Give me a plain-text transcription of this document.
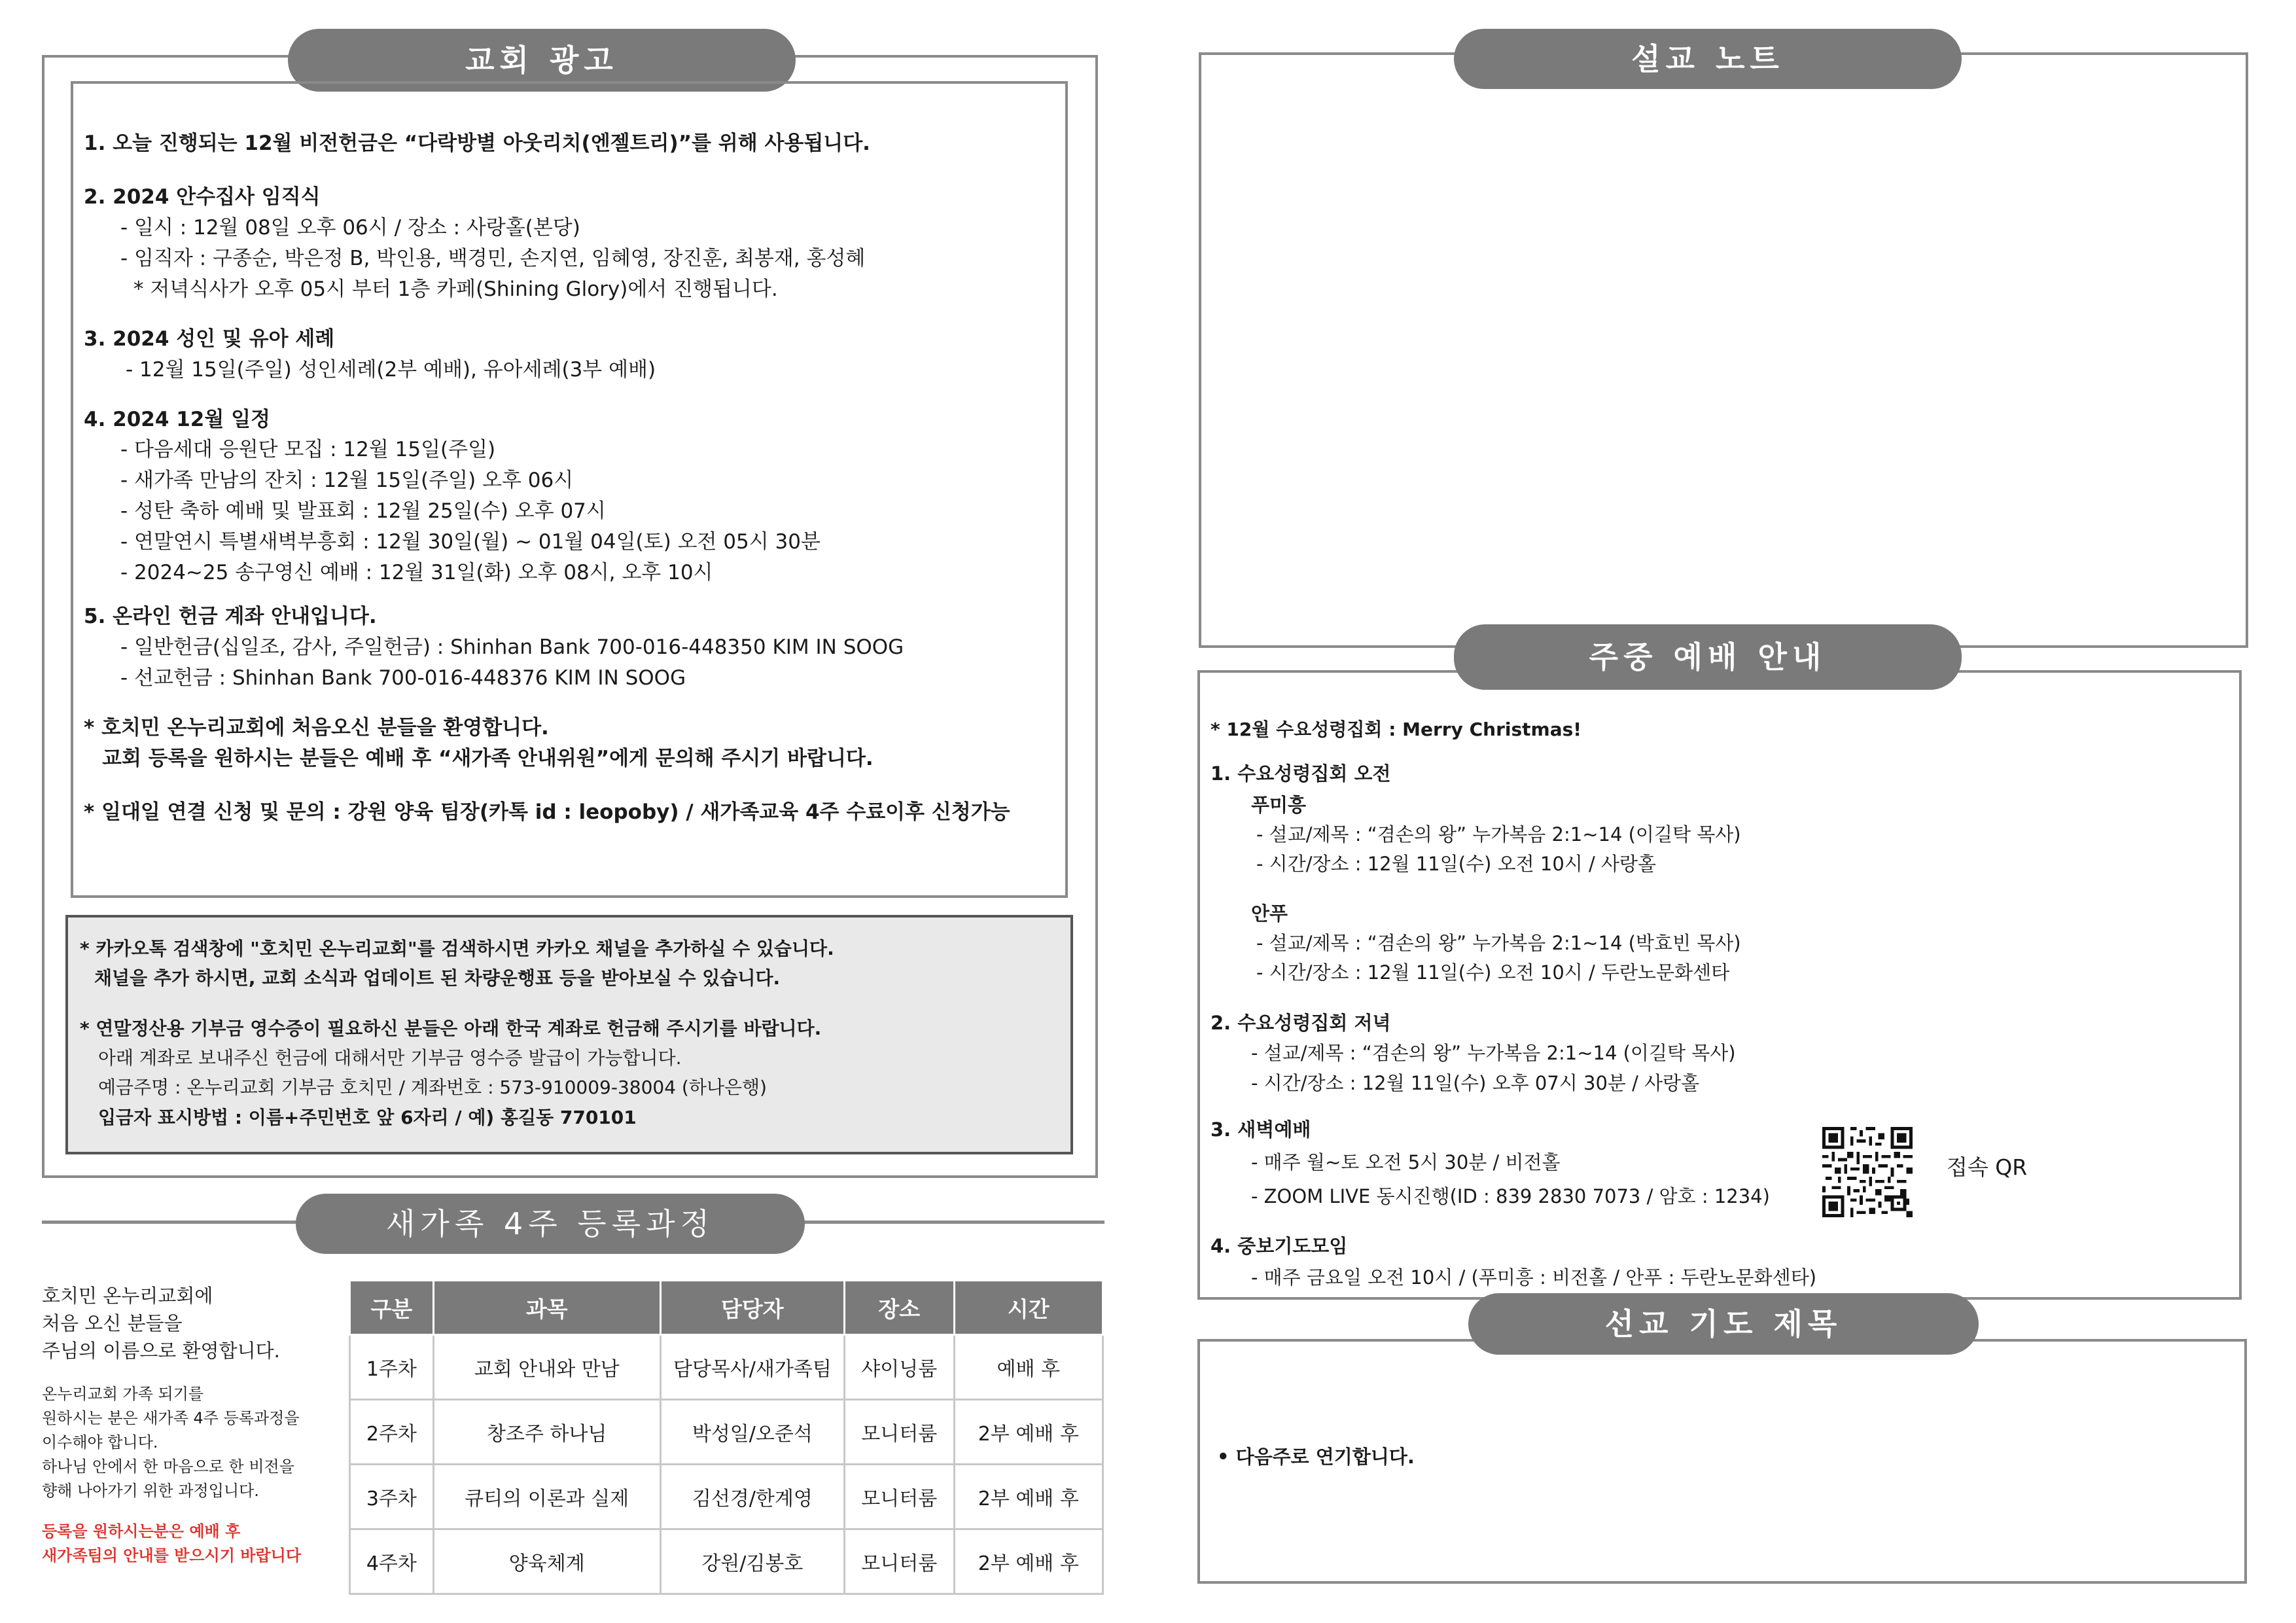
교회 광고
1. 오늘 진행되는 12월 비전헌금은 “다락방별 아웃리치(엔젤트리)”를 위해 사용됩니다.
2. 2024 안수집사 임직식
- 일시 : 12월 08일 오후 06시 / 장소 : 사랑홀(본당)
- 임직자 : 구종순, 박은정 B, 박인용, 백경민, 손지연, 임혜영, 장진훈, 최봉재, 홍성혜
* 저녁식사가 오후 05시 부터 1층 카페(Shining Glory)에서 진행됩니다.
3. 2024 성인 및 유아 세례
- 12월 15일(주일) 성인세례(2부 예배), 유아세례(3부 예배)
4. 2024 12월 일정
- 다음세대 응원단 모집 : 12월 15일(주일)
- 새가족 만남의 잔치 : 12월 15일(주일) 오후 06시
- 성탄 축하 예배 및 발표회 : 12월 25일(수) 오후 07시
- 연말연시 특별새벽부흥회 : 12월 30일(월) ~ 01월 04일(토) 오전 05시 30분
- 2024~25 송구영신 예배 : 12월 31일(화) 오후 08시, 오후 10시
5. 온라인 헌금 계좌 안내입니다.
- 일반헌금(십일조, 감사, 주일헌금) : Shinhan Bank 700-016-448350 KIM IN SOOG
- 선교헌금 : Shinhan Bank 700-016-448376 KIM IN SOOG
* 호치민 온누리교회에 처음오신 분들을 환영합니다.
교회 등록을 원하시는 분들은 예배 후 “새가족 안내위원”에게 문의해 주시기 바랍니다.
* 일대일 연결 신청 및 문의 : 강원 양육 팀장(카톡 id : leopoby) / 새가족교육 4주 수료이후 신청가능
* 카카오톡 검색창에 "호치민 온누리교회"를 검색하시면 카카오 채널을 추가하실 수 있습니다.
채널을 추가 하시면, 교회 소식과 업데이트 된 차량운행표 등을 받아보실 수 있습니다.
* 연말정산용 기부금 영수증이 필요하신 분들은 아래 한국 계좌로 헌금해 주시기를 바랍니다.
아래 계좌로 보내주신 헌금에 대해서만 기부금 영수증 발급이 가능합니다.
예금주명 : 온누리교회 기부금 호치민 / 계좌번호 : 573-910009-38004 (하나은행)
입금자 표시방법 : 이름+주민번호 앞 6자리 / 예) 홍길동 770101
새가족 4주 등록과정
호치민 온누리교회에
처음 오신 분들을
주님의 이름으로 환영합니다.
온누리교회 가족 되기를
원하시는 분은 새가족 4주 등록과정을
이수해야 합니다.
하나님 안에서 한 마음으로 한 비전을
향해 나아가기 위한 과정입니다.
등록을 원하시는분은 예배 후
새가족팀의 안내를 받으시기 바랍니다
구분	과목	담당자	장소	시간
1주차	교회 안내와 만남	담당목사/새가족팀	샤이닝룸	예배 후
2주차	창조주 하나님	박성일/오준석	모니터룸	2부 예배 후
3주차	큐티의 이론과 실제	김선경/한계영	모니터룸	2부 예배 후
4주차	양육체계	강원/김봉호	모니터룸	2부 예배 후
설교 노트
주중 예배 안내
* 12월 수요성령집회 : Merry Christmas!
1. 수요성령집회 오전
푸미흥
- 설교/제목 : “겸손의 왕” 누가복음 2:1~14 (이길탁 목사)
- 시간/장소 : 12월 11일(수) 오전 10시 / 사랑홀
안푸
- 설교/제목 : “겸손의 왕” 누가복음 2:1~14 (박효빈 목사)
- 시간/장소 : 12월 11일(수) 오전 10시 / 두란노문화센타
2. 수요성령집회 저녁
- 설교/제목 : “겸손의 왕” 누가복음 2:1~14 (이길탁 목사)
- 시간/장소 : 12월 11일(수) 오후 07시 30분 / 사랑홀
3. 새벽예배
- 매주 월~토 오전 5시 30분 / 비전홀
- ZOOM LIVE 동시진행(ID : 839 2830 7073 / 암호 : 1234)
접속 QR
4. 중보기도모임
- 매주 금요일 오전 10시 / (푸미흥 : 비전홀 / 안푸 : 두란노문화센타)
선교 기도 제목
• 다음주로 연기합니다.
